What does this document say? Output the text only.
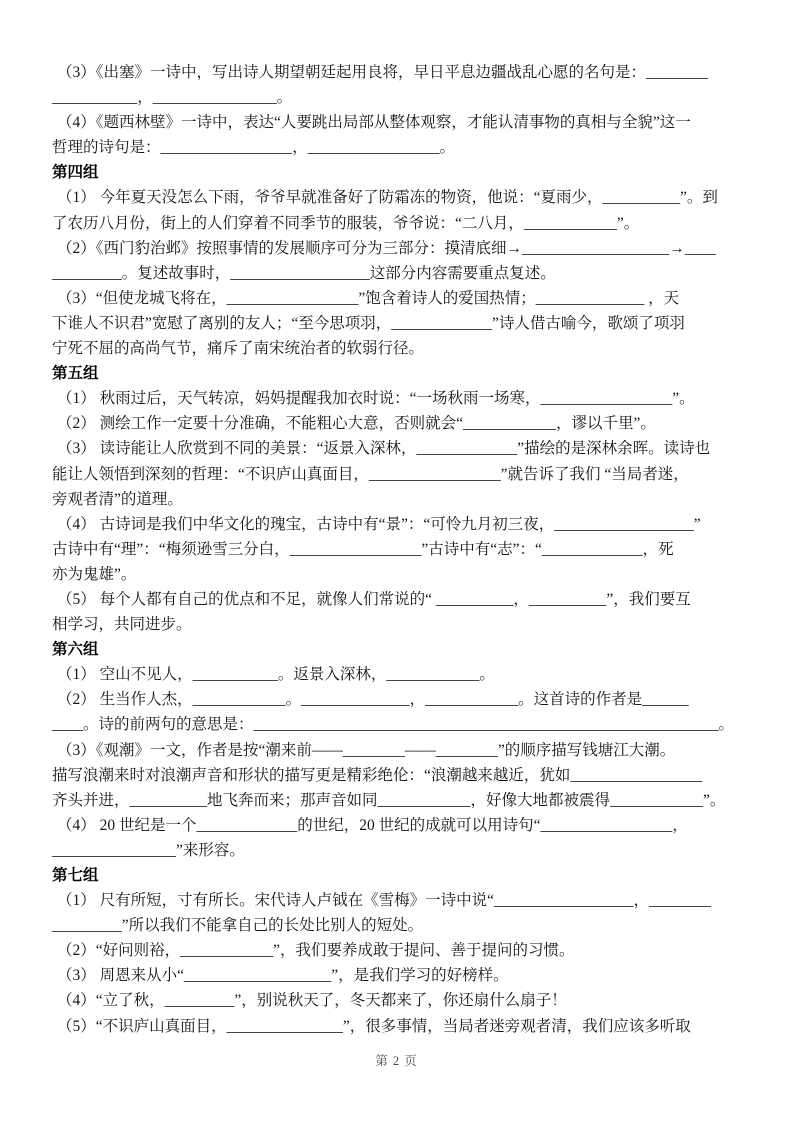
（3）《出塞》一诗中，写出诗人期望朝廷起用良将，早日平息边疆战乱心愿的名句是：________
___________，________________。
（4）《题西林壁》一诗中，表达“人要跳出局部从整体观察，才能认清事物的真相与全貌”这一
哲理的诗句是：_________________，_________________。
第四组
（1） 今年夏天没怎么下雨，爷爷早就准备好了防霜冻的物资，他说：“夏雨少，__________”。到
了农历八月份，街上的人们穿着不同季节的服装，爷爷说：“二八月，____________”。
（2）《西门豹治邺》按照事情的发展顺序可分为三部分：摸清底细→___________________→____
_________。复述故事时，__________________这部分内容需要重点复述。
（3）“但使龙城飞将在，_________________”饱含着诗人的爱国热情；______________ ，天
下谁人不识君”宽慰了离别的友人；“至今思项羽，_____________”诗人借古喻今，歌颂了项羽
宁死不屈的高尚气节，痛斥了南宋统治者的软弱行径。
第五组
（1） 秋雨过后，天气转凉，妈妈提醒我加衣时说：“一场秋雨一场寒，_________________”。
（2） 测绘工作一定要十分准确，不能粗心大意，否则就会“____________，谬以千里”。
（3） 读诗能让人欣赏到不同的美景：“返景入深林，_____________”描绘的是深林余晖。读诗也
能让人领悟到深刻的哲理：“不识庐山真面目，_________________”就告诉了我们 “当局者迷，
旁观者清”的道理。
（4） 古诗词是我们中华文化的瑰宝，古诗中有“景”：“可怜九月初三夜，__________________”
古诗中有“理”：“梅须逊雪三分白，_________________”古诗中有“志”：“_____________，死
亦为鬼雄”。
（5） 每个人都有自己的优点和不足，就像人们常说的“ __________，__________”，我们要互
相学习，共同进步。
第六组
（1） 空山不见人，___________。返景入深林，____________。
（2） 生当作人杰，____________。______________，____________。这首诗的作者是______
____。诗的前两句的意思是：____________________________________________________________。
（3）《观潮》一文，作者是按“潮来前——________——________”的顺序描写钱塘江大潮。
描写浪潮来时对浪潮声音和形状的描写更是精彩绝伦：“浪潮越来越近，犹如_________________
齐头并进，__________地飞奔而来；那声音如同____________，好像大地都被震得____________”。
（4） 20 世纪是一个_____________的世纪，20 世纪的成就可以用诗句“_________________，
________________”来形容。
第七组
（1） 尺有所短，寸有所长。宋代诗人卢钺在《雪梅》一诗中说“__________________，________
_________”所以我们不能拿自己的长处比别人的短处。
（2）“好问则裕，____________”，我们要养成敢于提问、善于提问的习惯。
（3） 周恩来从小“___________________”，是我们学习的好榜样。
（4）“立了秋，_________”，别说秋天了，冬天都来了，你还扇什么扇子！
（5）“不识庐山真面目，_______________”，很多事情，当局者迷旁观者清，我们应该多听取
第 2 页
